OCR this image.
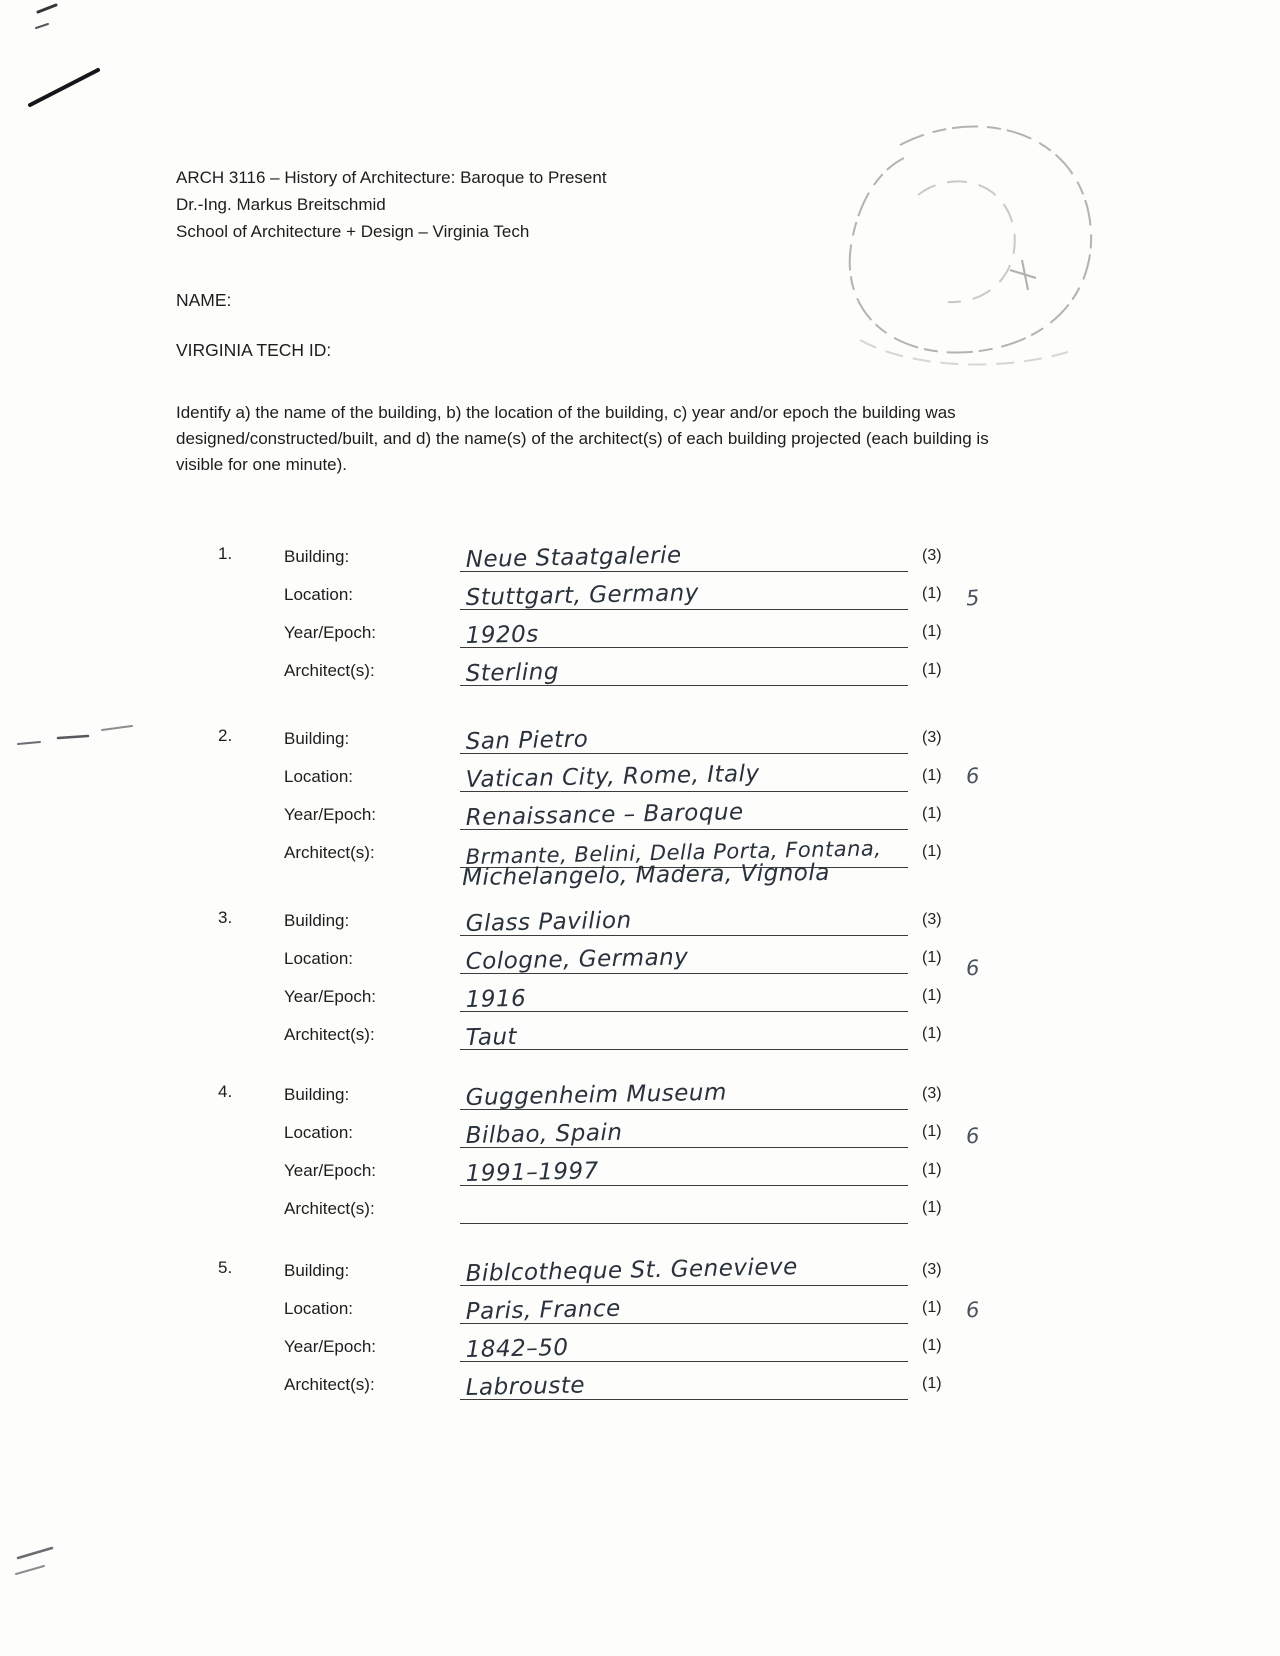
ARCH 3116 – History of Architecture: Baroque to Present
Dr.-Ing. Markus Breitschmid
School of Architecture + Design – Virginia Tech
NAME:
VIRGINIA TECH ID:
Identify a) the name of the building, b) the location of the building, c) year and/or epoch the building was designed/constructed/built, and d) the name(s) of the architect(s) of each building projected (each building is visible for one minute).
1.
5
Building:	Neue Staatgalerie	(3)
Location:	Stuttgart, Germany	(1)
Year/Epoch:	1920s	(1)
Architect(s):	Sterling	(1)
2.
6
Building:	San Pietro	(3)
Location:	Vatican City, Rome, Italy	(1)
Year/Epoch:	Renaissance – Baroque	(1)
Architect(s):	Brmante, Belini, Della Porta, Fontana,
Michelangelo, Madera, Vignola
(1)
3.
6
Building:	Glass Pavilion	(3)
Location:	Cologne, Germany	(1)
Year/Epoch:	1916	(1)
Architect(s):	Taut	(1)
4.
6
Building:	Guggenheim Museum	(3)
Location:	Bilbao, Spain	(1)
Year/Epoch:	1991–1997	(1)
Architect(s):	(1)
5.
6
Building:	Biblcotheque St. Genevieve	(3)
Location:	Paris, France	(1)
Year/Epoch:	1842–50	(1)
Architect(s):	Labrouste	(1)
